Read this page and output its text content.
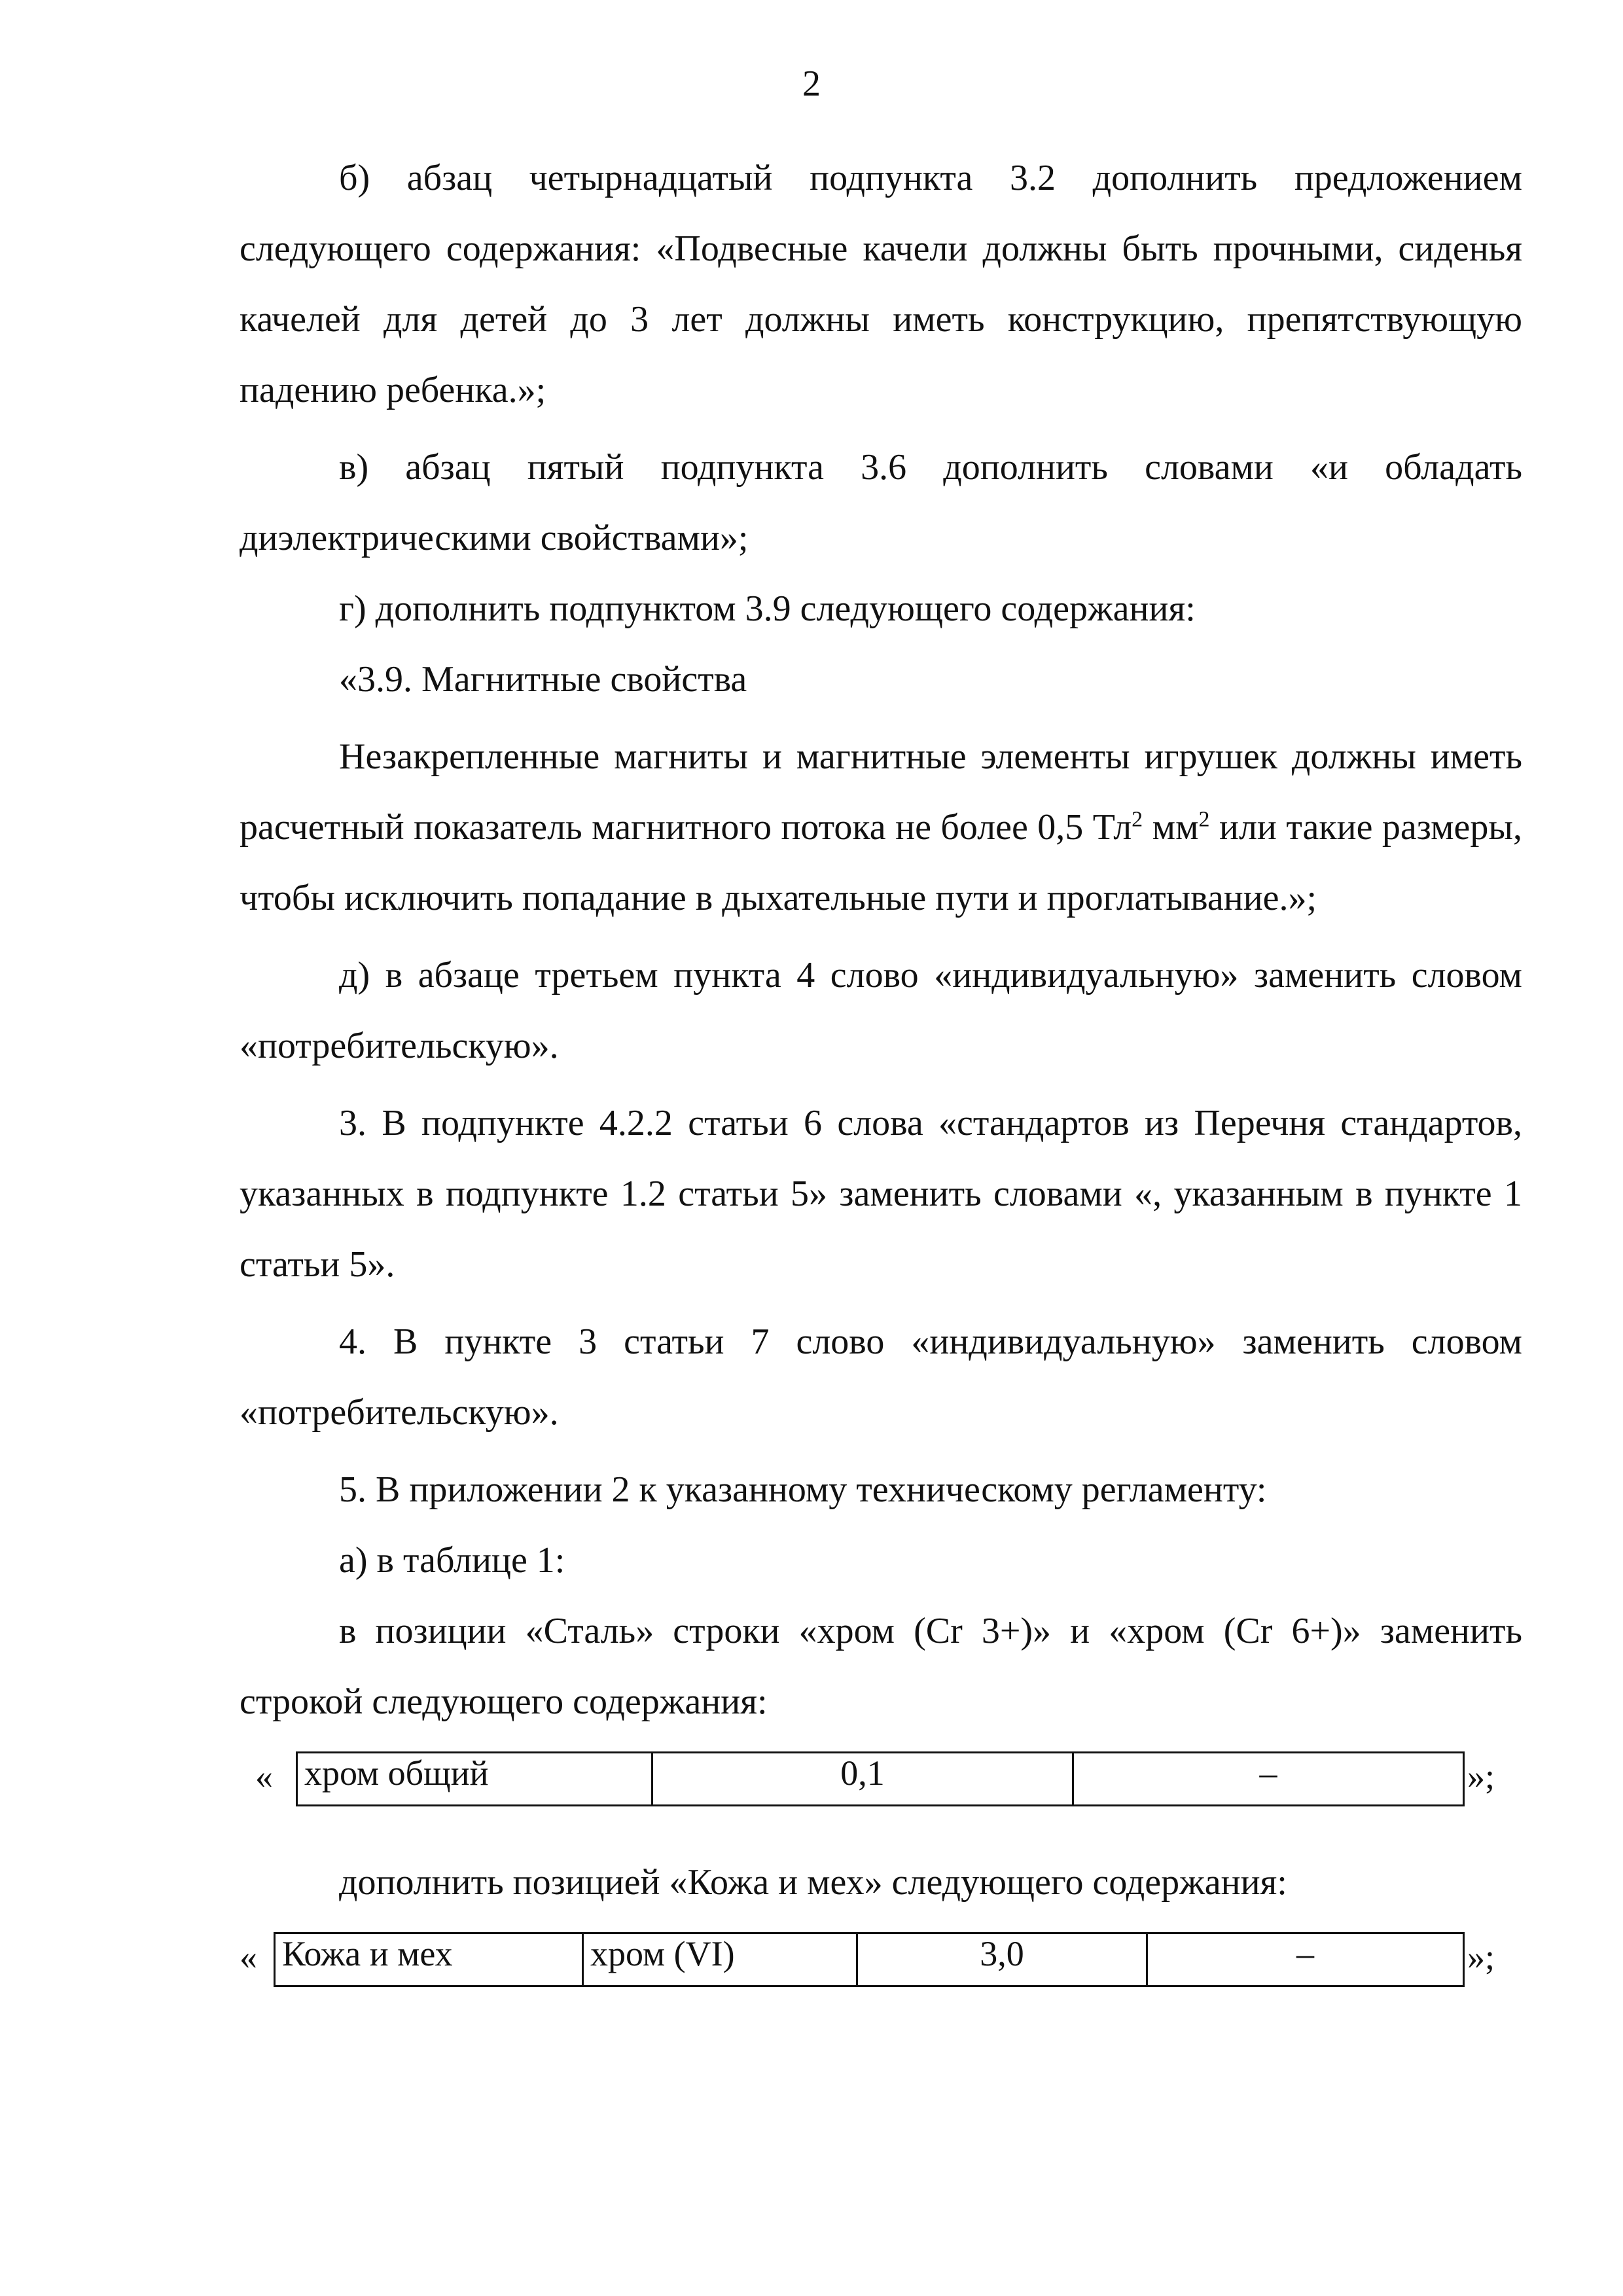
2

б) абзац четырнадцатый подпункта 3.2 дополнить предложением следующего содержания: «Подвесные качели должны быть прочными, сиденья качелей для детей до 3 лет должны иметь конструкцию, препятствующую падению ребенка.»;

в) абзац пятый подпункта 3.6 дополнить словами «и обладать диэлектрическими свойствами»;

г) дополнить подпунктом 3.9 следующего содержания:

«3.9. Магнитные свойства

Незакрепленные магниты и магнитные элементы игрушек должны иметь расчетный показатель магнитного потока не более 0,5 $Тл^2$ $мм^2$ или такие размеры, чтобы исключить попадание в дыхательные пути и проглатывание.»;

д) в абзаце третьем пункта 4 слово «индивидуальную» заменить словом «потребительскую».

3. В подпункте 4.2.2 статьи 6 слова «стандартов из Перечня стандартов, указанных в подпункте 1.2 статьи 5» заменить словами «, указанным в пункте 1 статьи 5».

4. В пункте 3 статьи 7 слово «индивидуальную» заменить словом «потребительскую».

5. В приложении 2 к указанному техническому регламенту:

а) в таблице 1:

в позиции «Сталь» строки «хром (Cr 3+)» и «хром (Cr 6+)» заменить строкой следующего содержания:

« хром общий	0,1	–	»;

дополнить позицией «Кожа и мех» следующего содержания:

« Кожа и мех	хром (VI)	3,0	–	»;
